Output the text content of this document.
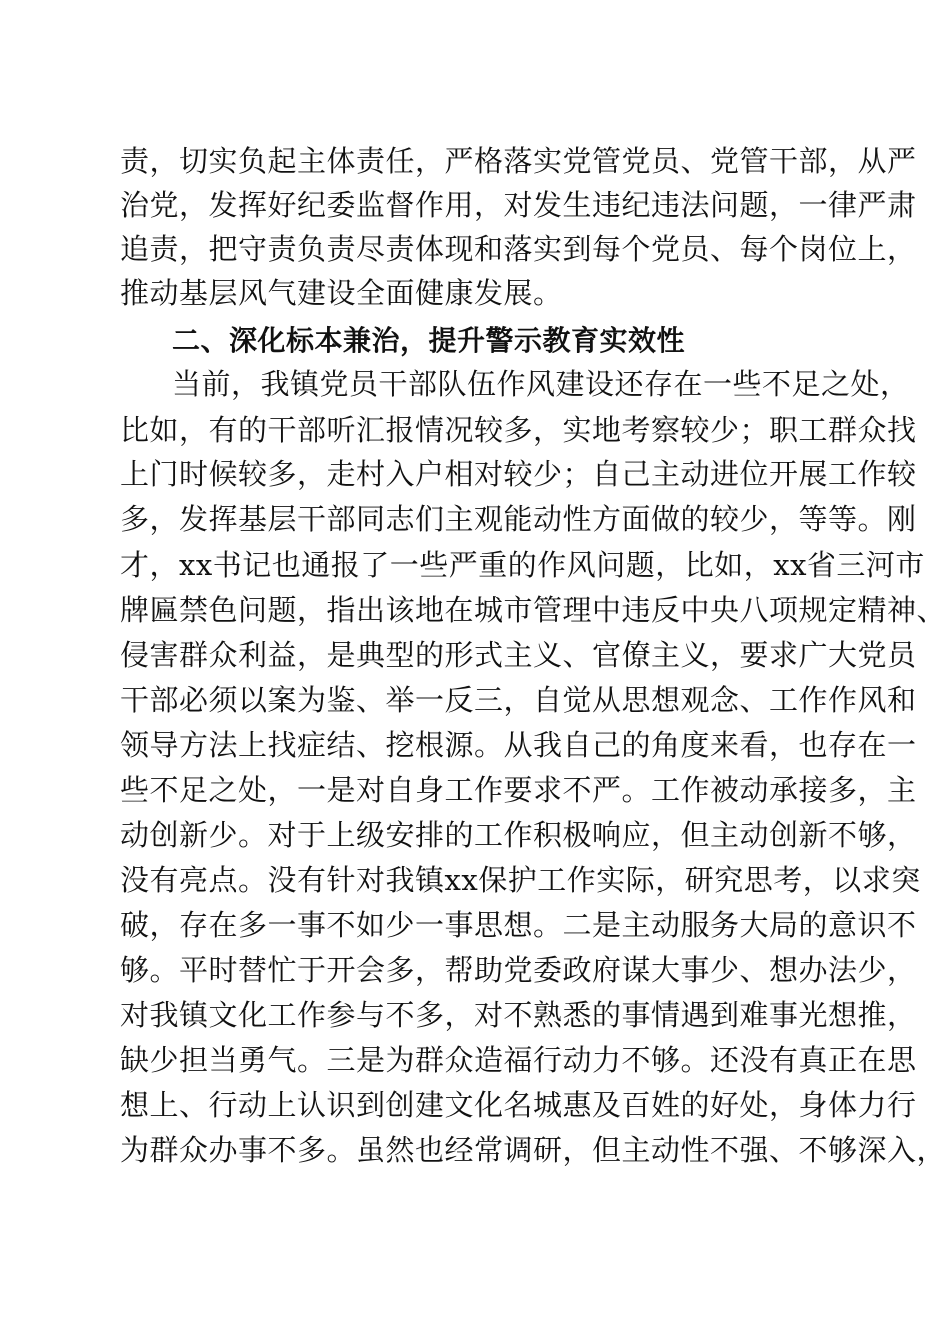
责，切实负起主体责任，严格落实党管党员、党管干部，从严
治党，发挥好纪委监督作用，对发生违纪违法问题，一律严肃
追责，把守责负责尽责体现和落实到每个党员、每个岗位上，
推动基层风气建设全面健康发展。
二、深化标本兼治，提升警示教育实效性
当前，我镇党员干部队伍作风建设还存在一些不足之处，
比如，有的干部听汇报情况较多，实地考察较少；职工群众找
上门时候较多，走村入户相对较少；自己主动进位开展工作较
多，发挥基层干部同志们主观能动性方面做的较少，等等。刚
才，xx书记也通报了一些严重的作风问题，比如，xx省三河市
牌匾禁色问题，指出该地在城市管理中违反中央八项规定精神、
侵害群众利益，是典型的形式主义、官僚主义，要求广大党员
干部必须以案为鉴、举一反三，自觉从思想观念、工作作风和
领导方法上找症结、挖根源。从我自己的角度来看，也存在一
些不足之处，一是对自身工作要求不严。工作被动承接多，主
动创新少。对于上级安排的工作积极响应，但主动创新不够，
没有亮点。没有针对我镇xx保护工作实际，研究思考，以求突
破，存在多一事不如少一事思想。二是主动服务大局的意识不
够。平时替忙于开会多，帮助党委政府谋大事少、想办法少，
对我镇文化工作参与不多，对不熟悉的事情遇到难事光想推，
缺少担当勇气。三是为群众造福行动力不够。还没有真正在思
想上、行动上认识到创建文化名城惠及百姓的好处，身体力行
为群众办事不多。虽然也经常调研，但主动性不强、不够深入，
